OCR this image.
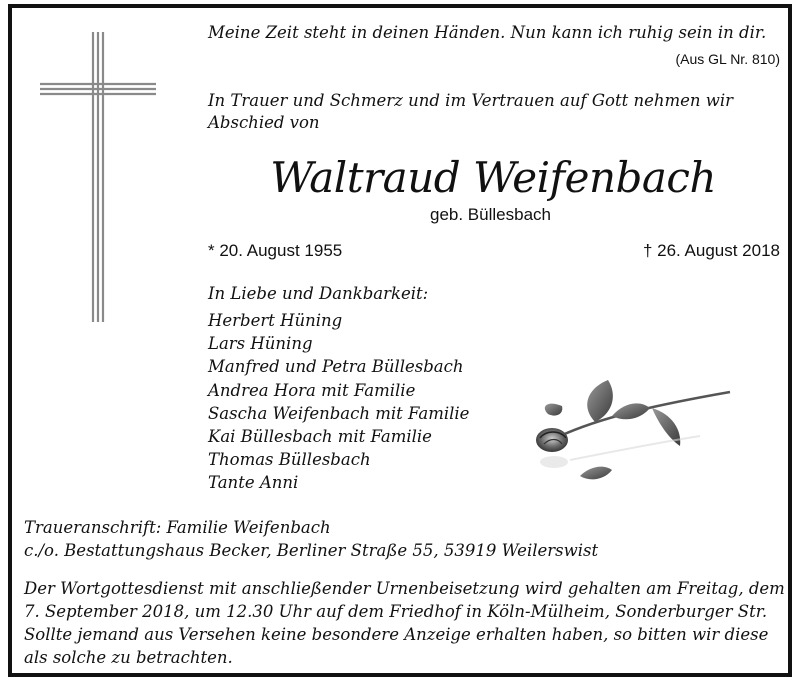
Meine Zeit steht in deinen Händen. Nun kann ich ruhig sein in dir.
(Aus GL Nr. 810)
In Trauer und Schmerz und im Vertrauen auf Gott nehmen wir
Abschied von
Waltraud Weifenbach
geb. Büllesbach
* 20. August 1955	† 26. August 2018
In Liebe und Dankbarkeit:
Herbert Hüning
Lars Hüning
Manfred und Petra Büllesbach
Andrea Hora mit Familie
Sascha Weifenbach mit Familie
Kai Büllesbach mit Familie
Thomas Büllesbach
Tante Anni
Traueranschrift: Familie Weifenbach
c./o. Bestattungshaus Becker, Berliner Straße 55, 53919 Weilerswist
Der Wortgottesdienst mit anschließender Urnenbeisetzung wird gehalten am Freitag, dem
7. September 2018, um 12.30 Uhr auf dem Friedhof in Köln-Mülheim, Sonderburger Str.
Sollte jemand aus Versehen keine besondere Anzeige erhalten haben, so bitten wir diese
als solche zu betrachten.
